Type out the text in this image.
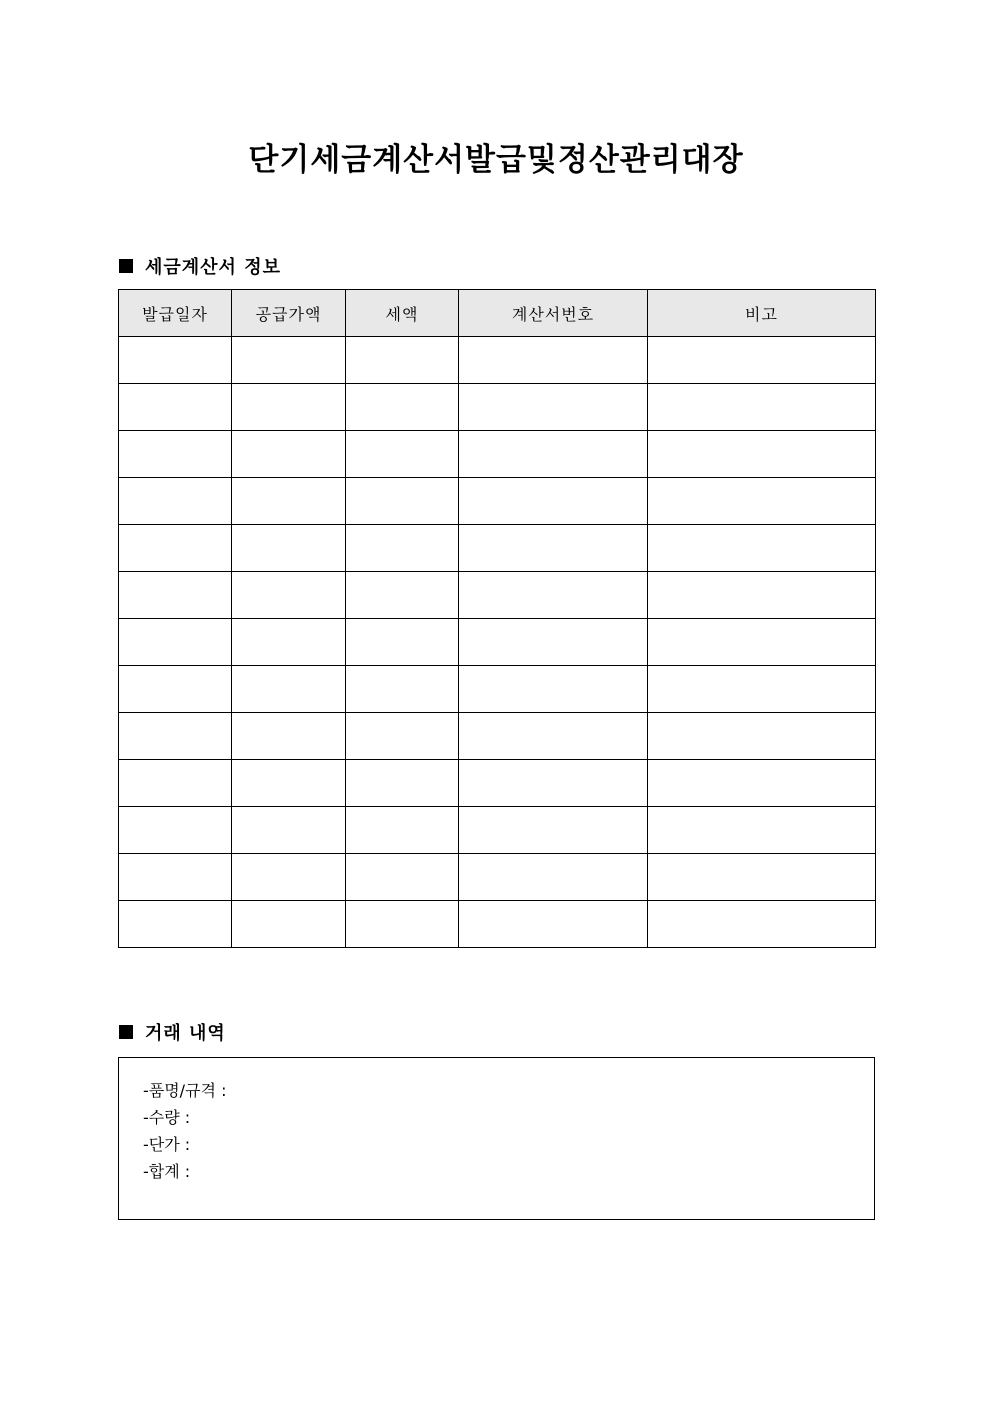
단기세금계산서발급및정산관리대장
세금계산서 정보
발급일자	공급가액	세액	계산서번호	비고

거래 내역
-품명/규격 :
-수량 :
-단가 :
-합계 :
